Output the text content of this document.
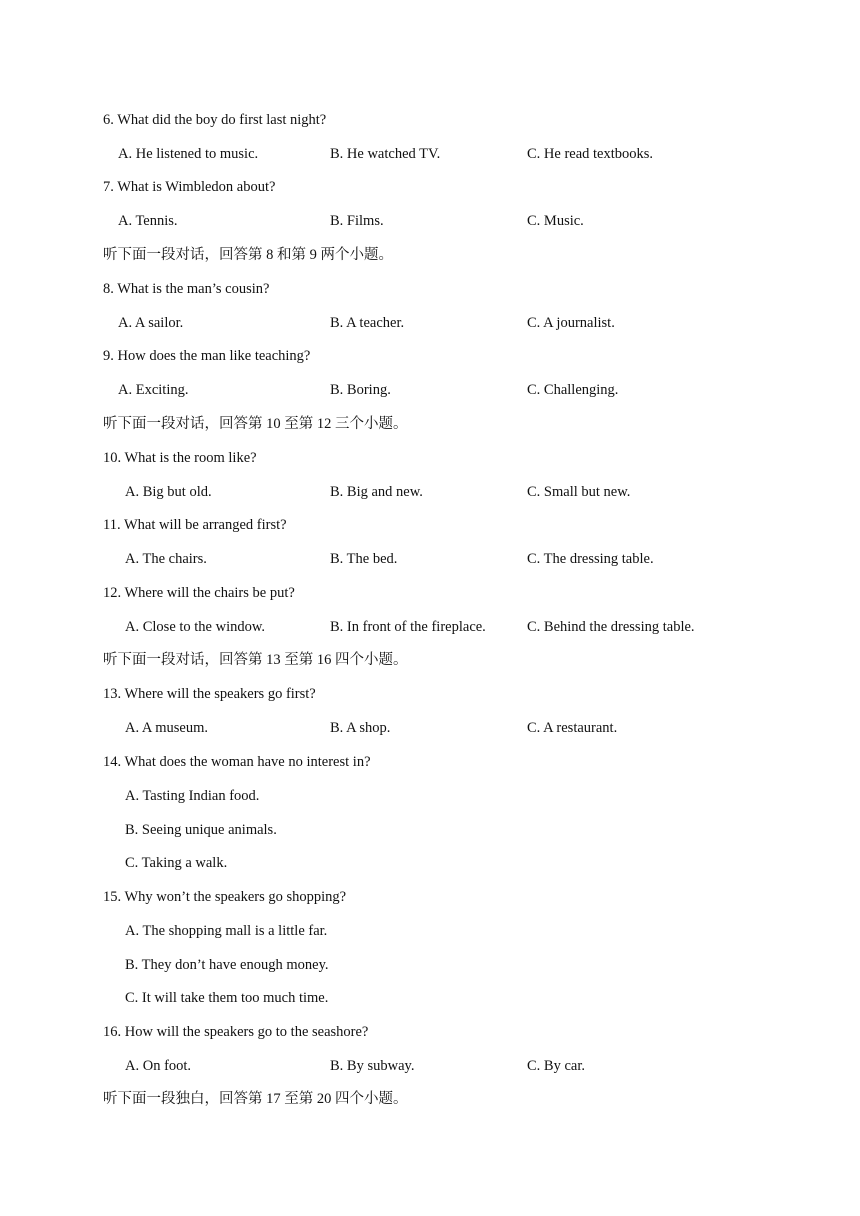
6. What did the boy do first last night?
A. He listened to music.	B. He watched TV.	C. He read textbooks.
7. What is Wimbledon about?
A. Tennis.	B. Films.	C. Music.
听下面一段对话，回答第 8 和第 9 两个小题。
8. What is the man’s cousin?
A. A sailor.	B. A teacher.	C. A journalist.
9. How does the man like teaching?
A. Exciting.	B. Boring.	C. Challenging.
听下面一段对话，回答第 10 至第 12 三个小题。
10. What is the room like?
A. Big but old.	B. Big and new.	C. Small but new.
11. What will be arranged first?
A. The chairs.	B. The bed.	C. The dressing table.
12. Where will the chairs be put?
A. Close to the window.	B. In front of the fireplace.	C. Behind the dressing table.
听下面一段对话，回答第 13 至第 16 四个小题。
13. Where will the speakers go first?
A. A museum.	B. A shop.	C. A restaurant.
14. What does the woman have no interest in?
A. Tasting Indian food.
B. Seeing unique animals.
C. Taking a walk.
15. Why won’t the speakers go shopping?
A. The shopping mall is a little far.
B. They don’t have enough money.
C. It will take them too much time.
16. How will the speakers go to the seashore?
A. On foot.	B. By subway.	C. By car.
听下面一段独白，回答第 17 至第 20 四个小题。
